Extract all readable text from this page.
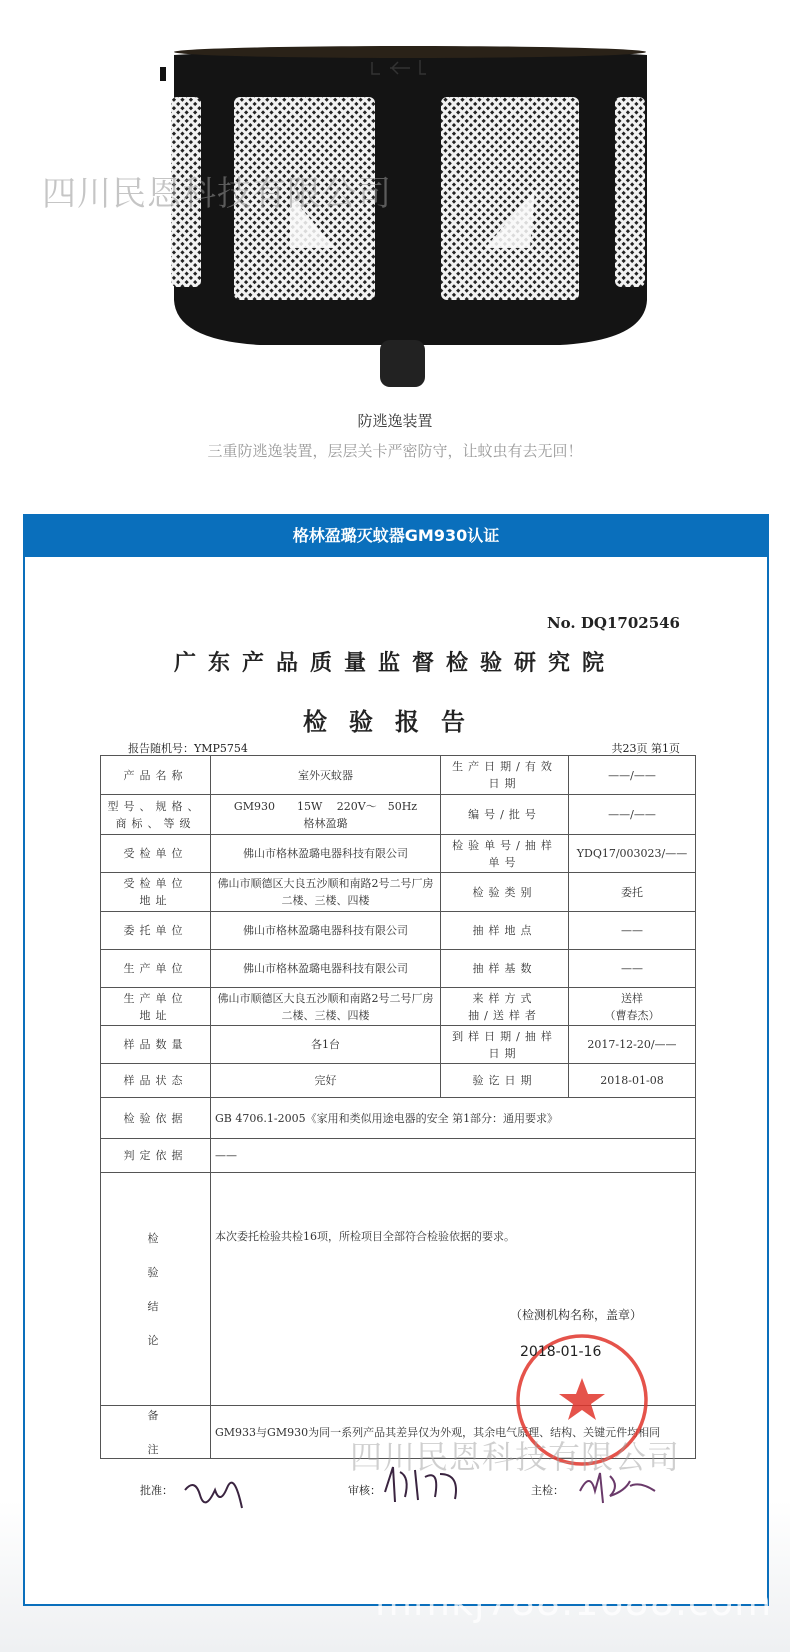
四川民恩科技有限公司
防逃逸装置
三重防逃逸装置，层层关卡严密防守，让蚊虫有去无回！
格林盈璐灭蚊器GM930认证
No. DQ1702546
广东产品质量监督检验研究院
检验报告
报告随机号：YMP5754	共23页 第1页
产品名称	室外灭蚊器	生产日期/有效日期	——/——
型号、规格、商标、等级	GM930　　15W　 220V～　50Hz
格林盈璐	编号/批号	——/——
受检单位	佛山市格林盈璐电器科技有限公司	检验单号/抽样单号	YDQ17/003023/——
受检单位
地址	佛山市顺德区大良五沙顺和南路2号二号厂房二楼、三楼、四楼	检验类别	委托
委托单位	佛山市格林盈璐电器科技有限公司	抽样地点	——
生产单位	佛山市格林盈璐电器科技有限公司	抽样基数	——
生产单位
地址	佛山市顺德区大良五沙顺和南路2号二号厂房二楼、三楼、四楼	来样方式
抽/送样者	送样
（曹春杰）
样品数量	各1台	到样日期/抽样日期	2017-12-20/——
样品状态	完好	验讫日期	2018-01-08
检验依据	GB 4706.1-2005《家用和类似用途电器的安全 第1部分：通用要求》		
判定依据	——		
检

验

结

论	本次委托检验共检16项，所检项目全部符合检验依据的要求。		
备

注	GM933与GM930为同一系列产品其差异仅为外观，其余电气原理、结构、关键元件均相同		
（检测机构名称，盖章）
2018-01-16
四川民恩科技有限公司
批准：	审核：	主检：
mmkj788.1688.com
